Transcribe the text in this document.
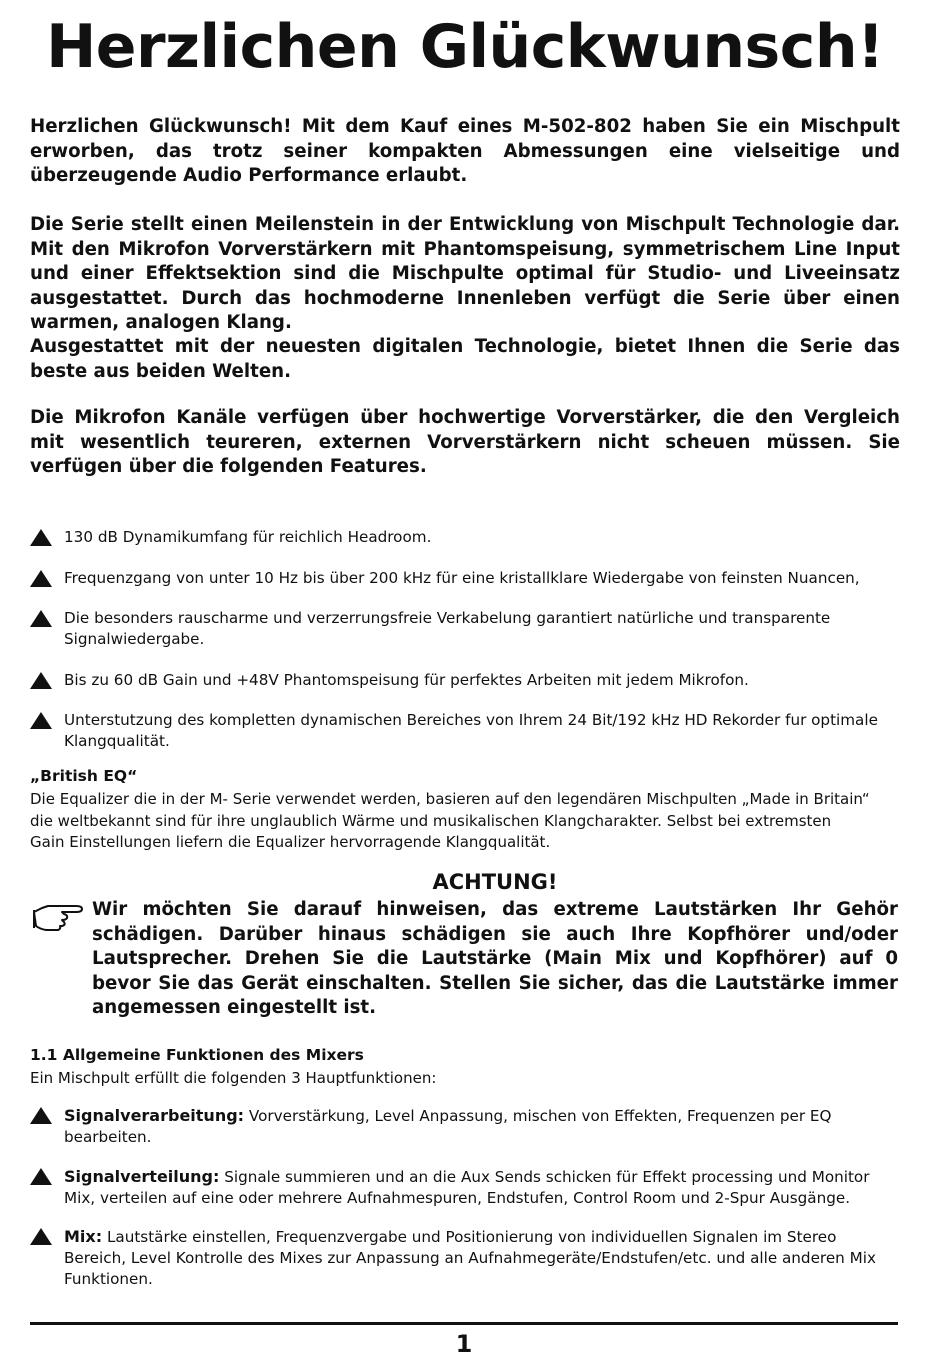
Herzlichen Glückwunsch!

Herzlichen Glückwunsch! Mit dem Kauf eines M-502-802 haben Sie ein Mischpult erworben, das trotz seiner kompakten Abmessungen eine vielseitige und überzeugende Audio Performance erlaubt.

Die Serie stellt einen Meilenstein in der Entwicklung von Mischpult Technologie dar. Mit den Mikrofon Vorverstärkern mit Phantomspeisung, symmetrischem Line Input und einer Effektsektion sind die Mischpulte optimal für Studio- und Liveeinsatz ausgestattet. Durch das hochmoderne Innenleben verfügt die Serie über einen warmen, analogen Klang.

Ausgestattet mit der neuesten digitalen Technologie, bietet Ihnen die Serie das beste aus beiden Welten.

Die Mikrofon Kanäle verfügen über hochwertige Vorverstärker, die den Vergleich mit wesentlich teureren, externen Vorverstärkern nicht scheuen müssen. Sie verfügen über die folgenden Features.

130 dB Dynamikumfang für reichlich Headroom.
Frequenzgang von unter 10 Hz bis über 200 kHz für eine kristallklare Wiedergabe von feinsten Nuancen,
Die besonders rauscharme und verzerrungsfreie Verkabelung garantiert natürliche und transparente Signalwiedergabe.
Bis zu 60 dB Gain und +48V Phantomspeisung für perfektes Arbeiten mit jedem Mikrofon.
Unterstutzung des kompletten dynamischen Bereiches von Ihrem 24 Bit/192 kHz HD Rekorder fur optimale Klangqualität.

„British EQ“

Die Equalizer die in der M- Serie verwendet werden, basieren auf den legendären Mischpulten „Made in Britain“ die weltbekannt sind für ihre unglaublich Wärme und musikalischen Klangcharakter. Selbst bei extremsten Gain Einstellungen liefern die Equalizer hervorragende Klangqualität.

ACHTUNG!

Wir möchten Sie darauf hinweisen, das extreme Lautstärken Ihr Gehör schädigen. Darüber hinaus schädigen sie auch Ihre Kopfhörer und/oder Lautsprecher. Drehen Sie die Lautstärke (Main Mix und Kopfhörer) auf 0 bevor Sie das Gerät einschalten. Stellen Sie sicher, das die Lautstärke immer angemessen eingestellt ist.

1.1 Allgemeine Funktionen des Mixers

Ein Mischpult erfüllt die folgenden 3 Hauptfunktionen:

Signalverarbeitung: Vorverstärkung, Level Anpassung, mischen von Effekten, Frequenzen per EQ bearbeiten.
Signalverteilung: Signale summieren und an die Aux Sends schicken für Effekt processing und Monitor Mix, verteilen auf eine oder mehrere Aufnahmespuren, Endstufen, Control Room und 2-Spur Ausgänge.
Mix: Lautstärke einstellen, Frequenzvergabe und Positionierung von individuellen Signalen im Stereo Bereich, Level Kontrolle des Mixes zur Anpassung an Aufnahmegeräte/Endstufen/etc. und alle anderen Mix Funktionen.

1
